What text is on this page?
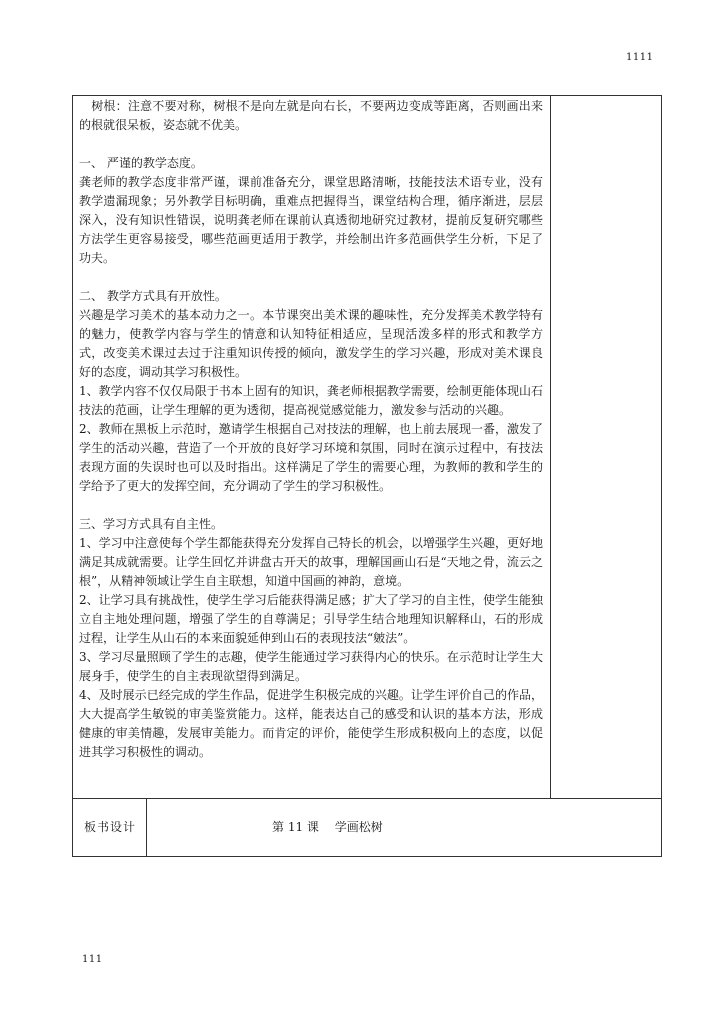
1111

　树根：注意不要对称，树根不是向左就是向右长，不要两边变成等距离，否则画出来的根就很呆板，姿态就不优美。

一、 严谨的教学态度。

龚老师的教学态度非常严谨，课前准备充分，课堂思路清晰，技能技法术语专业，没有教学遗漏现象；另外教学目标明确，重难点把握得当，课堂结构合理，循序渐进，层层深入，没有知识性错误，说明龚老师在课前认真透彻地研究过教材，提前反复研究哪些方法学生更容易接受，哪些范画更适用于教学，并绘制出许多范画供学生分析，下足了功夫。

二、 教学方式具有开放性。

兴趣是学习美术的基本动力之一。本节课突出美术课的趣味性，充分发挥美术教学特有的魅力，使教学内容与学生的情意和认知特征相适应，呈现活泼多样的形式和教学方式，改变美术课过去过于注重知识传授的倾向，激发学生的学习兴趣，形成对美术课良好的态度，调动其学习积极性。

1、教学内容不仅仅局限于书本上固有的知识，龚老师根据教学需要，绘制更能体现山石技法的范画，让学生理解的更为透彻，提高视觉感觉能力，激发参与活动的兴趣。

2、教师在黑板上示范时，邀请学生根据自己对技法的理解，也上前去展现一番，激发了学生的活动兴趣，营造了一个开放的良好学习环境和氛围，同时在演示过程中，有技法表现方面的失误时也可以及时指出。这样满足了学生的需要心理，为教师的教和学生的学给予了更大的发挥空间，充分调动了学生的学习积极性。

三、学习方式具有自主性。

1、学习中注意使每个学生都能获得充分发挥自己特长的机会，以增强学生兴趣，更好地满足其成就需要。让学生回忆并讲盘古开天的故事，理解国画山石是“天地之骨，流云之根”，从精神领域让学生自主联想，知道中国画的神韵，意境。

2、让学习具有挑战性，使学生学习后能获得满足感；扩大了学习的自主性，使学生能独立自主地处理问题，增强了学生的自尊满足；引导学生结合地理知识解释山，石的形成过程，让学生从山石的本来面貌延伸到山石的表现技法“皴法”。

3、学习尽量照顾了学生的志趣，使学生能通过学习获得内心的快乐。在示范时让学生大展身手，使学生的自主表现欲望得到满足。

4、及时展示已经完成的学生作品，促进学生积极完成的兴趣。让学生评价自己的作品，大大提高学生敏锐的审美鉴赏能力。这样，能表达自己的感受和认识的基本方法，形成健康的审美情趣，发展审美能力。而肯定的评价，能使学生形成积极向上的态度，以促进其学习积极性的调动。

板书设计	第 11 课　 学画松树
111
